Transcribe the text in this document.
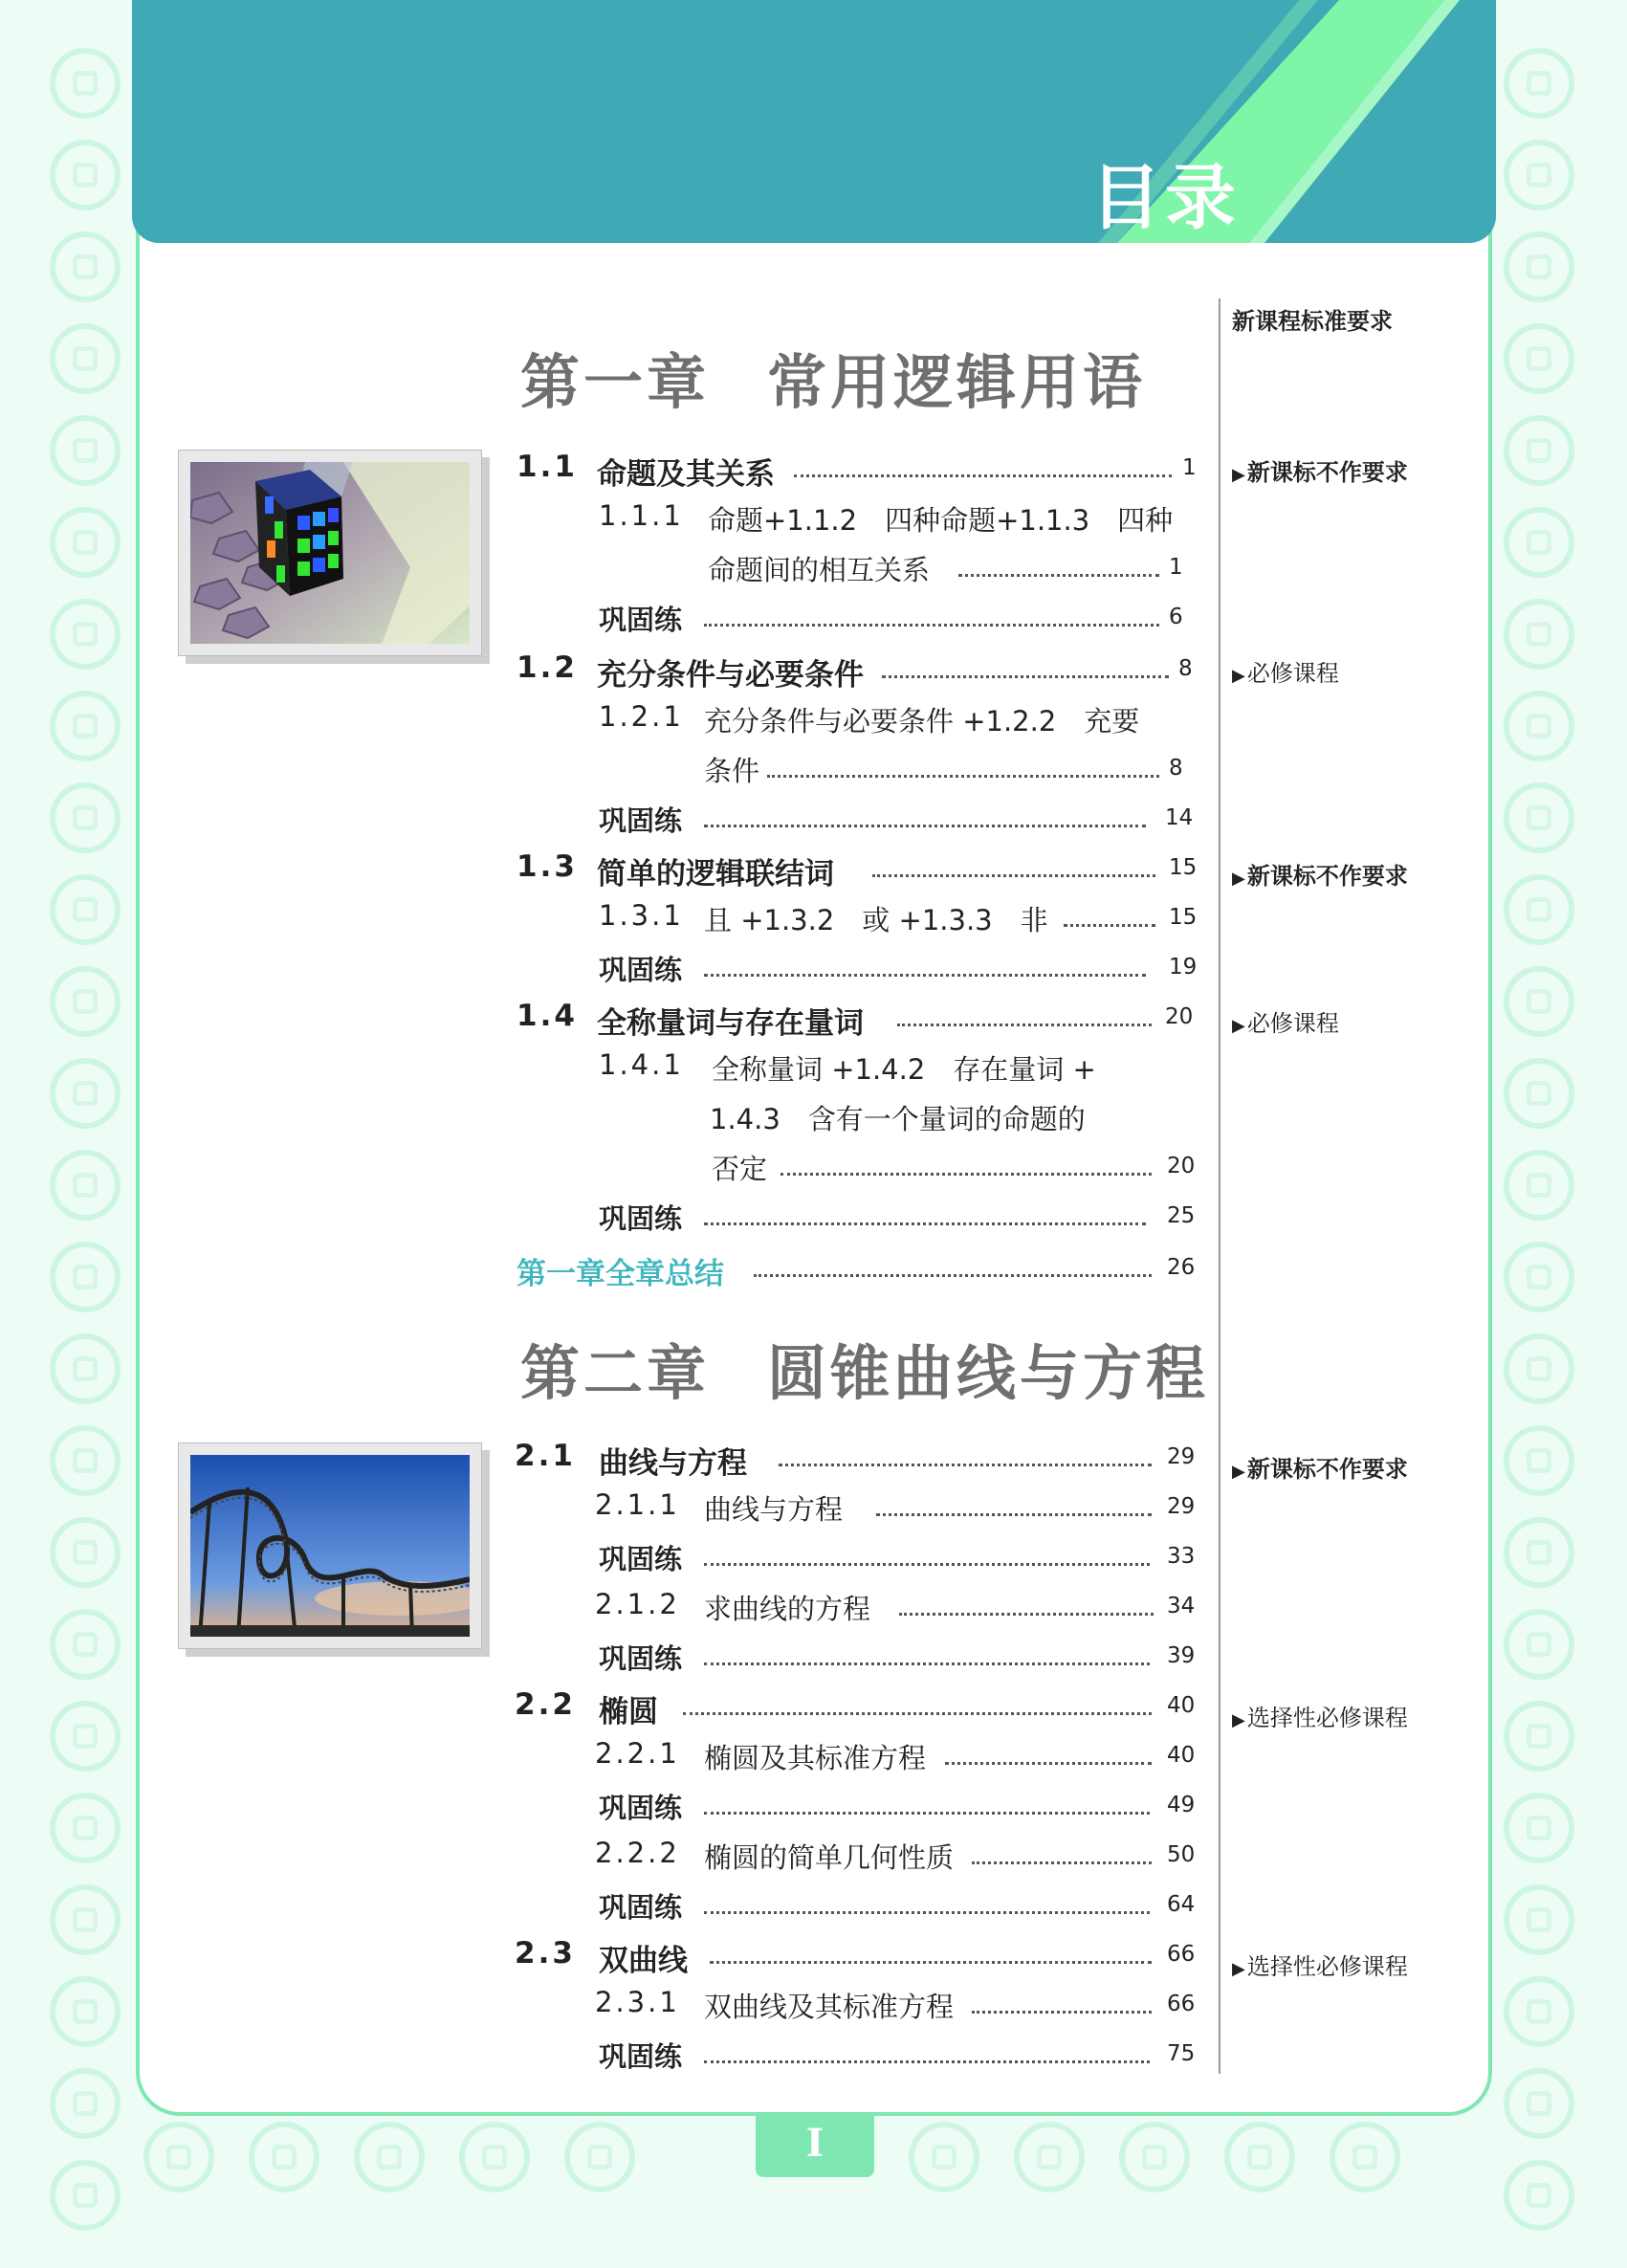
目录
新课程标准要求
▶新课标不作要求
▶必修课程
▶新课标不作要求
▶必修课程
▶新课标不作要求
▶选择性必修课程
▶选择性必修课程
第一章 常用逻辑用语
1.1 命题及其关系	1
1.1.1 命题+1.1.2　四种命题+1.1.3　四种
命题间的相互关系	1
巩固练	6
1.2 充分条件与必要条件	8
1.2.1 充分条件与必要条件 +1.2.2　充要
条件	8
巩固练	14
1.3 简单的逻辑联结词	15
1.3.1 且 +1.3.2　或 +1.3.3　非	15
巩固练	19
1.4 全称量词与存在量词	20
1.4.1 全称量词 +1.4.2　存在量词 +
1.4.3　含有一个量词的命题的
否定	20
巩固练	25
第一章全章总结	26
第二章 圆锥曲线与方程
2.1 曲线与方程	29
2.1.1 曲线与方程	29
巩固练	33
2.1.2 求曲线的方程	34
巩固练	39
2.2 椭圆	40
2.2.1 椭圆及其标准方程	40
巩固练	49
2.2.2 椭圆的简单几何性质	50
巩固练	64
2.3 双曲线	66
2.3.1 双曲线及其标准方程	66
巩固练	75
I
